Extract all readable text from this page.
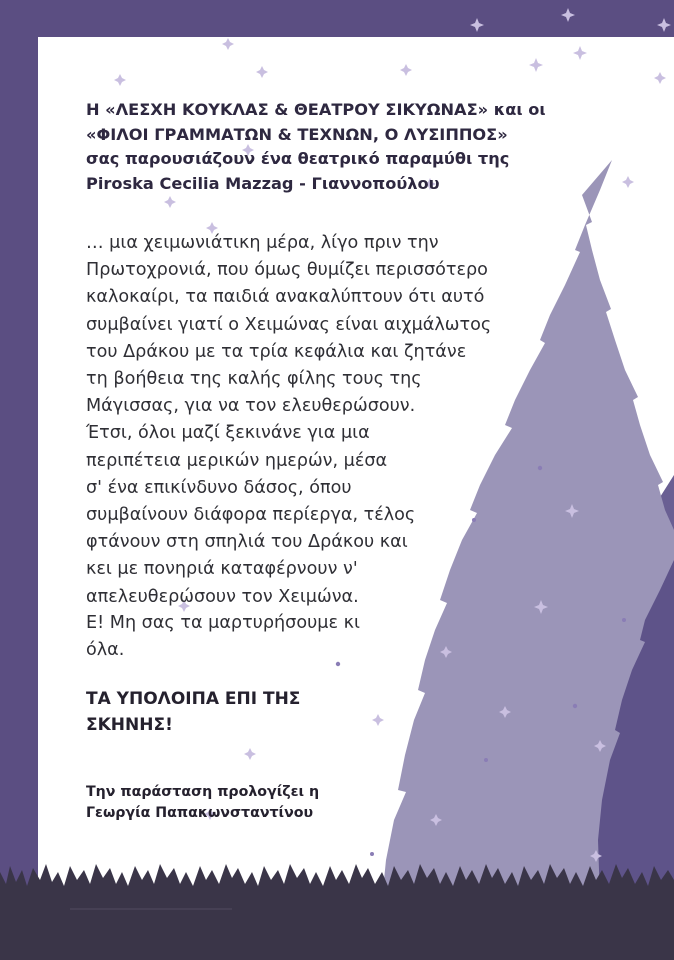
Η «ΛΕΣΧΗ ΚΟΥΚΛΑΣ & ΘΕΑΤΡΟΥ ΣΙΚΥΩΝΑΣ» και οι
«ΦΙΛΟΙ ΓΡΑΜΜΑΤΩΝ & ΤΕΧΝΩΝ, Ο ΛΥΣΙΠΠΟΣ»
σας παρουσιάζουν ένα θεατρικό παραμύθι της
Piroska Cecilia Mazzag - Γιαννοπούλου
… μια χειμωνιάτικη μέρα, λίγο πριν την
Πρωτοχρονιά, που όμως θυμίζει περισσότερο
καλοκαίρι, τα παιδιά ανακαλύπτουν ότι αυτό
συμβαίνει γιατί ο Χειμώνας είναι αιχμάλωτος
του Δράκου με τα τρία κεφάλια και ζητάνε
τη βοήθεια της καλής φίλης τους της
Μάγισσας, για να τον ελευθερώσουν.
Έτσι, όλοι μαζί ξεκινάνε για μια
περιπέτεια μερικών ημερών, μέσα
σ' ένα επικίνδυνο δάσος, όπου
συμβαίνουν διάφορα περίεργα, τέλος
φτάνουν στη σπηλιά του Δράκου και
κει με πονηριά καταφέρνουν ν'
απελευθερώσουν τον Χειμώνα.
Ε! Μη σας τα μαρτυρήσουμε κι
όλα.
ΤΑ ΥΠΟΛΟΙΠΑ ΕΠΙ ΤΗΣ
ΣΚΗΝΗΣ!
Την παράσταση προλογίζει η
Γεωργία Παπακωνσταντίνου
